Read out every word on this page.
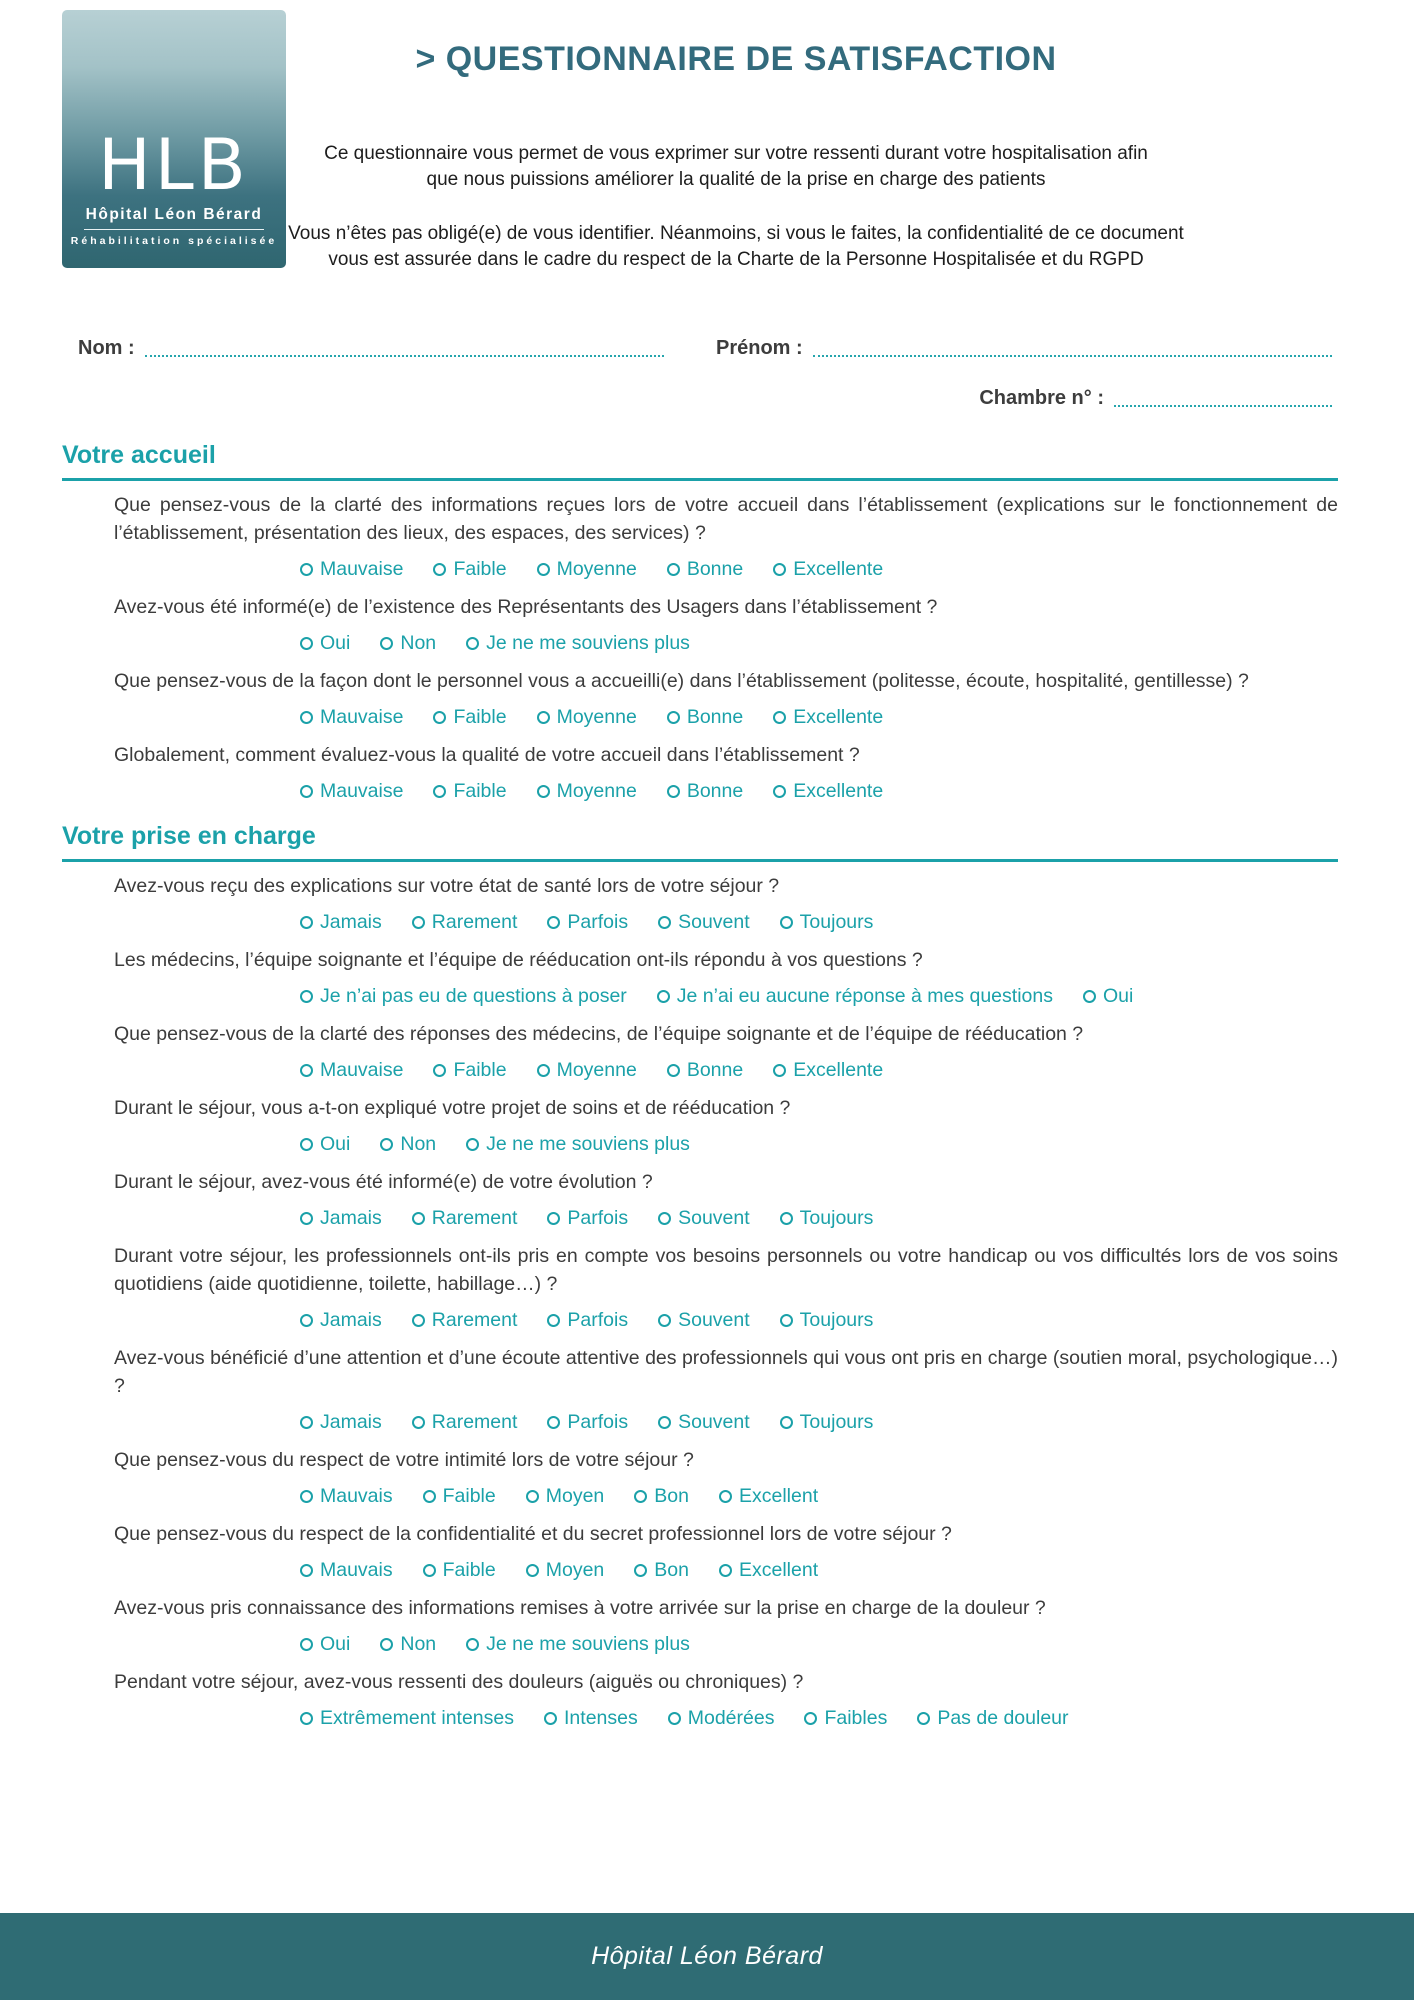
HLB
Hôpital Léon Bérard
Réhabilitation spécialisée
> QUESTIONNAIRE DE SATISFACTION

Ce questionnaire vous permet de vous exprimer sur votre ressenti durant votre hospitalisation afin que nous puissions améliorer la qualité de la prise en charge des patients

Vous n’êtes pas obligé(e) de vous identifier. Néanmoins, si vous le faites, la confidentialité de ce document vous est assurée dans le cadre du respect de la Charte de la Personne Hospitalisée et du RGPD

Nom :	Prénom :
Chambre n° :
Votre accueil

Que pensez-vous de la clarté des informations reçues lors de votre accueil dans l’établissement (explications sur le fonctionnement de l’établissement, présentation des lieux, des espaces, des services) ?

Mauvaise	Faible	Moyenne	Bonne	Excellente

Avez-vous été informé(e) de l’existence des Représentants des Usagers dans l’établissement ?

Oui	Non	Je ne me souviens plus

Que pensez-vous de la façon dont le personnel vous a accueilli(e) dans l’établissement (politesse, écoute, hospitalité, gentillesse) ?

Mauvaise	Faible	Moyenne	Bonne	Excellente

Globalement, comment évaluez-vous la qualité de votre accueil dans l’établissement ?

Mauvaise	Faible	Moyenne	Bonne	Excellente
Votre prise en charge

Avez-vous reçu des explications sur votre état de santé lors de votre séjour ?

Jamais	Rarement	Parfois	Souvent	Toujours

Les médecins, l’équipe soignante et l’équipe de rééducation ont-ils répondu à vos questions ?

Je n’ai pas eu de questions à poser	Je n’ai eu aucune réponse à mes questions	Oui

Que pensez-vous de la clarté des réponses des médecins, de l’équipe soignante et de l’équipe de rééducation ?

Mauvaise	Faible	Moyenne	Bonne	Excellente

Durant le séjour, vous a-t-on expliqué votre projet de soins et de rééducation ?

Oui	Non	Je ne me souviens plus

Durant le séjour, avez-vous été informé(e) de votre évolution ?

Jamais	Rarement	Parfois	Souvent	Toujours

Durant votre séjour, les professionnels ont-ils pris en compte vos besoins personnels ou votre handicap ou vos difficultés lors de vos soins quotidiens (aide quotidienne, toilette, habillage…) ?

Jamais	Rarement	Parfois	Souvent	Toujours

Avez-vous bénéficié d’une attention et d’une écoute attentive des professionnels qui vous ont pris en charge (soutien moral, psychologique…) ?

Jamais	Rarement	Parfois	Souvent	Toujours

Que pensez-vous du respect de votre intimité lors de votre séjour ?

Mauvais	Faible	Moyen	Bon	Excellent

Que pensez-vous du respect de la confidentialité et du secret professionnel lors de votre séjour ?

Mauvais	Faible	Moyen	Bon	Excellent

Avez-vous pris connaissance des informations remises à votre arrivée sur la prise en charge de la douleur ?

Oui	Non	Je ne me souviens plus

Pendant votre séjour, avez-vous ressenti des douleurs (aiguës ou chroniques) ?

Extrêmement intenses	Intenses	Modérées	Faibles	Pas de douleur
Hôpital Léon Bérard
